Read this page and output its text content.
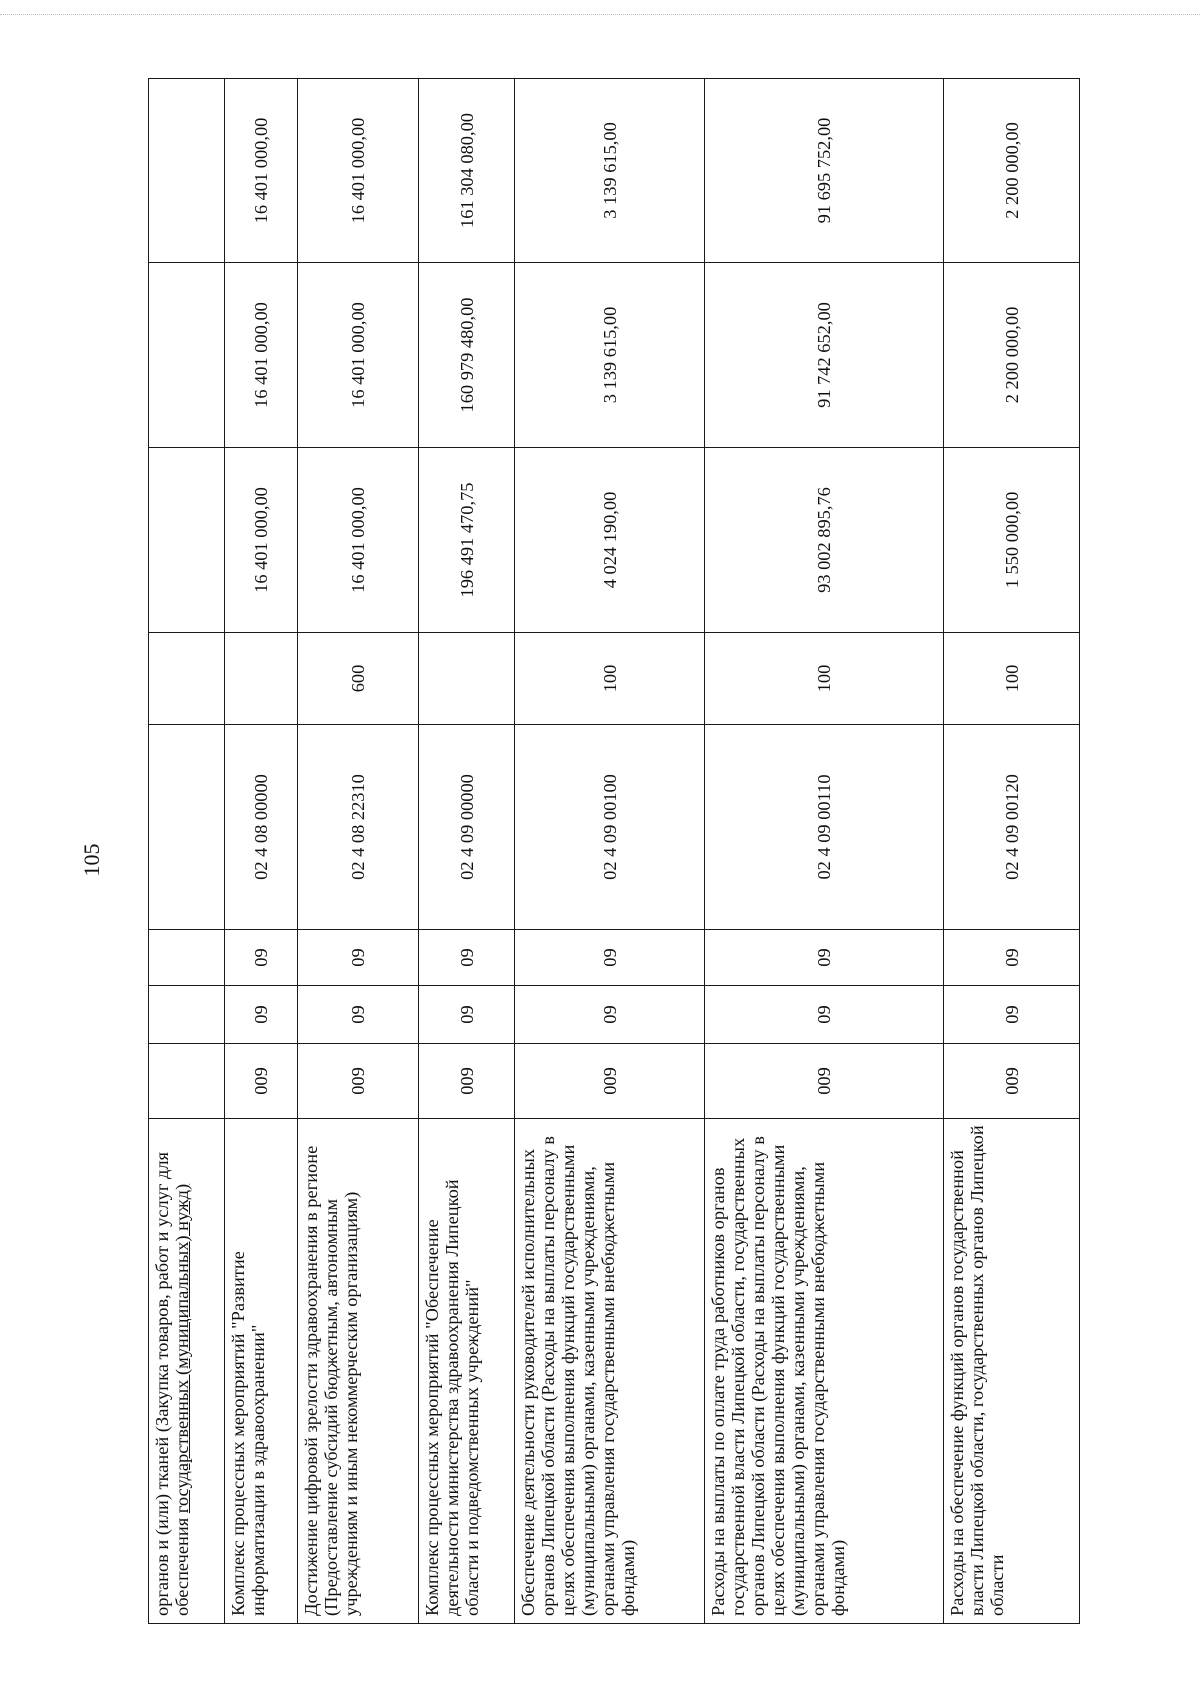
105
органов и (или) тканей (Закупка товаров, работ и услуг для обеспечения государственных (муниципальных) нужд)								
Комплекс процессных мероприятий "Развитие информатизации в здравоохранении"	009	09	09	02 4 08 00000		16 401 000,00	16 401 000,00	16 401 000,00
Достижение цифровой зрелости здравоохранения в регионе (Предоставление субсидий бюджетным, автономным учреждениям и иным некоммерческим организациям)	009	09	09	02 4 08 22310	600	16 401 000,00	16 401 000,00	16 401 000,00
Комплекс процессных мероприятий "Обеспечение деятельности министерства здравоохранения Липецкой области и подведомственных учреждений"	009	09	09	02 4 09 00000		196 491 470,75	160 979 480,00	161 304 080,00
Обеспечение деятельности руководителей исполнительных органов Липецкой области (Расходы на выплаты персоналу в целях обеспечения выполнения функций государственными (муниципальными) органами, казенными учреждениями, органами управления государственными внебюджетными фондами)	009	09	09	02 4 09 00100	100	4 024 190,00	3 139 615,00	3 139 615,00
Расходы на выплаты по оплате труда работников органов государственной власти Липецкой области, государственных органов Липецкой области (Расходы на выплаты персоналу в целях обеспечения выполнения функций государственными (муниципальными) органами, казенными учреждениями, органами управления государственными внебюджетными фондами)	009	09	09	02 4 09 00110	100	93 002 895,76	91 742 652,00	91 695 752,00
Расходы на обеспечение функций органов государственной власти Липецкой области, государственных органов Липецкой области	009	09	09	02 4 09 00120	100	1 550 000,00	2 200 000,00	2 200 000,00
